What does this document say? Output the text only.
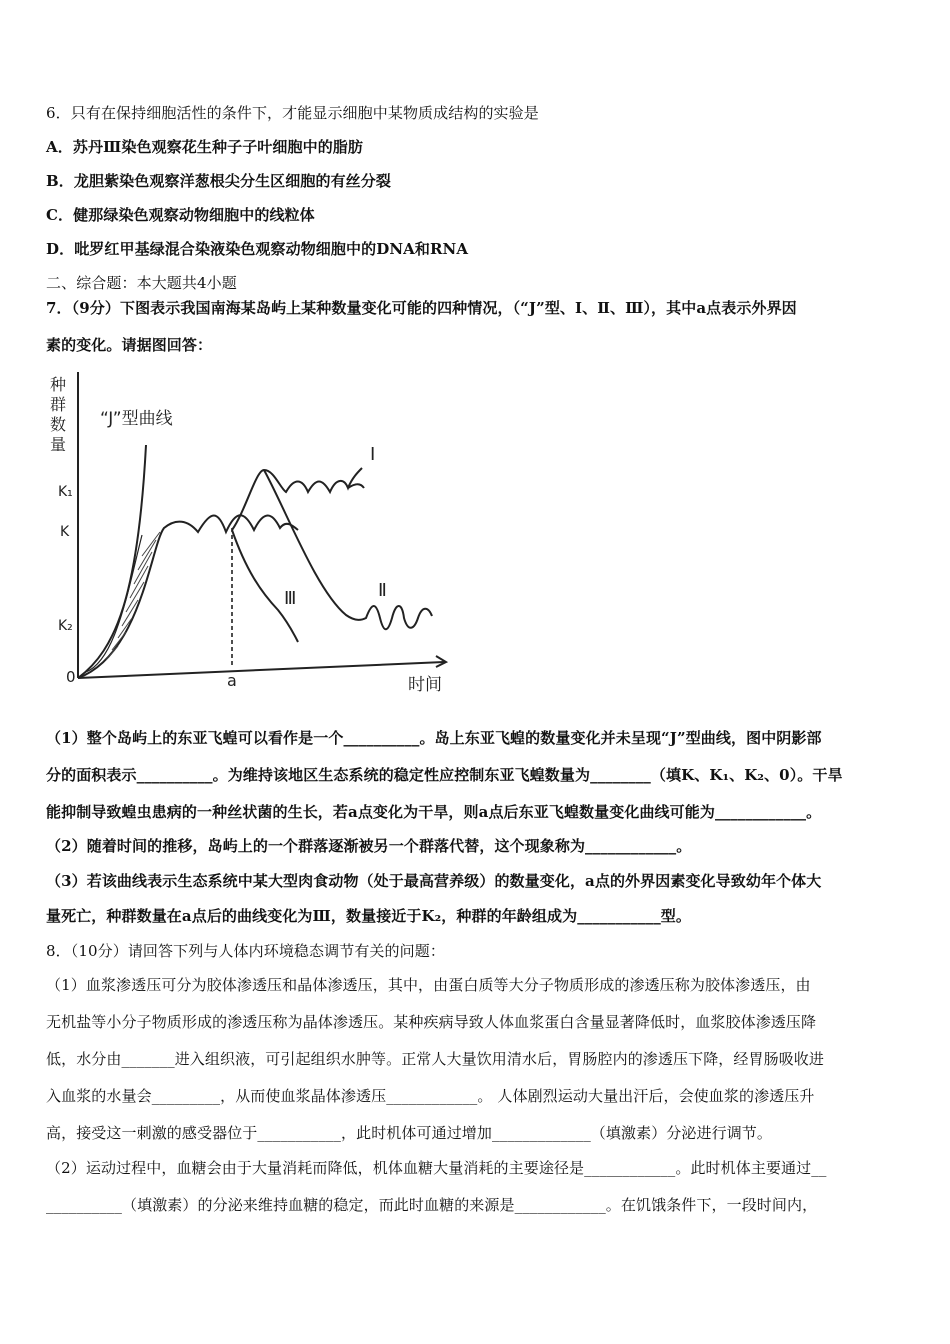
6．只有在保持细胞活性的条件下，才能显示细胞中某物质成结构的实验是
A．苏丹Ⅲ染色观察花生种子子叶细胞中的脂肪
B．龙胆紫染色观察洋葱根尖分生区细胞的有丝分裂
C．健那绿染色观察动物细胞中的线粒体
D．吡罗红甲基绿混合染液染色观察动物细胞中的DNA和RNA
二、综合题：本大题共4小题
7．（9分）下图表示我国南海某岛屿上某种数量变化可能的四种情况，（“J”型、Ⅰ、Ⅱ、Ⅲ），其中a点表示外界因
素的变化。请据图回答：
种
群
数
量
K₁
K
K₂
0	a	时间
“J”型曲线
Ⅰ
Ⅱ
Ⅲ
（1）整个岛屿上的东亚飞蝗可以看作是一个__________。岛上东亚飞蝗的数量变化并未呈现“J”型曲线，图中阴影部
分的面积表示__________。为维持该地区生态系统的稳定性应控制东亚飞蝗数量为________（填K、K₁、K₂、0）。干旱
能抑制导致蝗虫患病的一种丝状菌的生长，若a点变化为干旱，则a点后东亚飞蝗数量变化曲线可能为____________。
（2）随着时间的推移，岛屿上的一个群落逐渐被另一个群落代替，这个现象称为____________。
（3）若该曲线表示生态系统中某大型肉食动物（处于最高营养级）的数量变化，a点的外界因素变化导致幼年个体大
量死亡，种群数量在a点后的曲线变化为Ⅲ，数量接近于K₂，种群的年龄组成为___________型。
8．（10分）请回答下列与人体内环境稳态调节有关的问题：
（1）血浆渗透压可分为胶体渗透压和晶体渗透压，其中，由蛋白质等大分子物质形成的渗透压称为胶体渗透压，由
无机盐等小分子物质形成的渗透压称为晶体渗透压。某种疾病导致人体血浆蛋白含量显著降低时，血浆胶体渗透压降
低，水分由_______进入组织液，可引起组织水肿等。正常人大量饮用清水后，胃肠腔内的渗透压下降，经胃肠吸收进
入血浆的水量会_________，从而使血浆晶体渗透压____________。 人体剧烈运动大量出汗后，会使血浆的渗透压升
高，接受这一刺激的感受器位于___________，此时机体可通过增加_____________（填激素）分泌进行调节。
（2）运动过程中，血糖会由于大量消耗而降低，机体血糖大量消耗的主要途径是____________。此时机体主要通过__
__________（填激素）的分泌来维持血糖的稳定，而此时血糖的来源是____________。在饥饿条件下，一段时间内，
